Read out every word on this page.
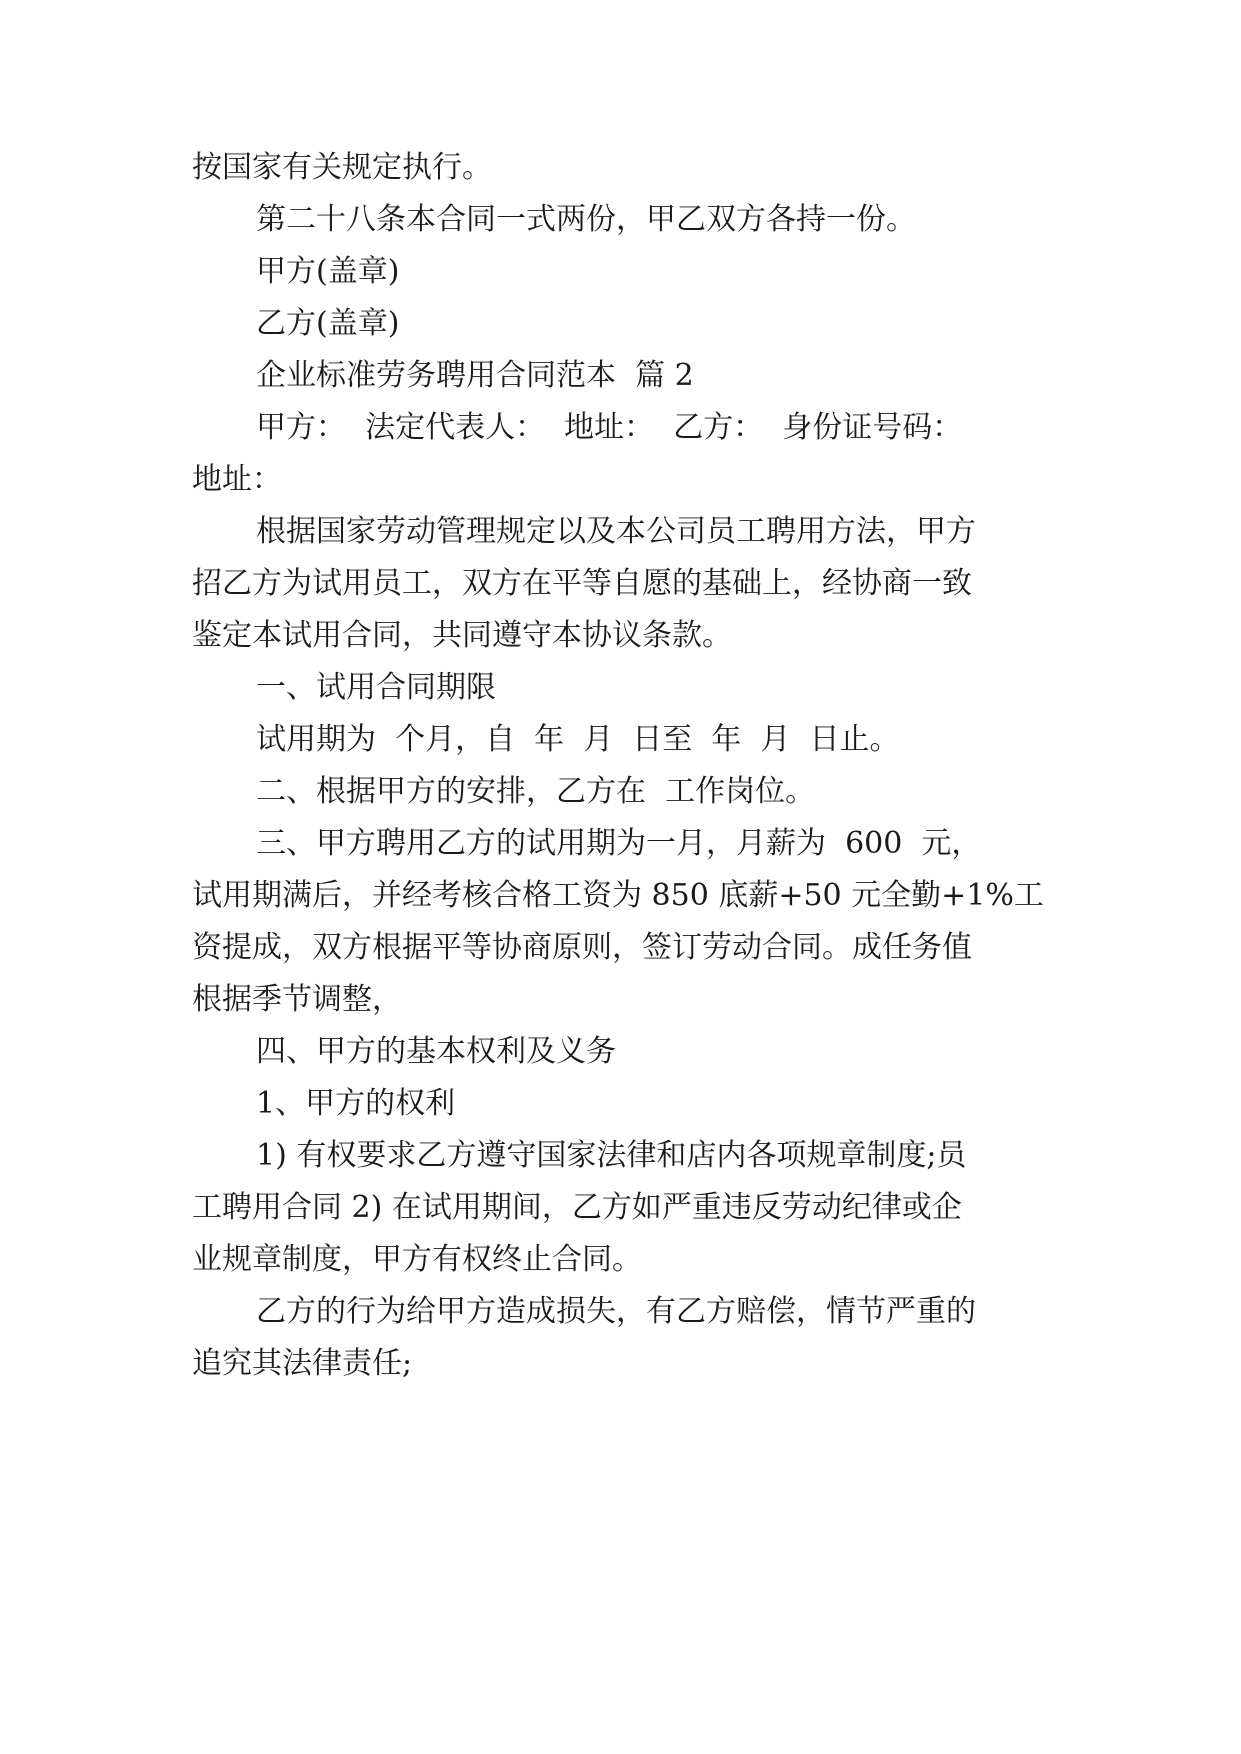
按国家有关规定执行。
第二十八条本合同一式两份，甲乙双方各持一份。
甲方(盖章)
乙方(盖章)
企业标准劳务聘用合同范本  篇 2
甲方：  法定代表人：  地址：  乙方：  身份证号码：
地址：
根据国家劳动管理规定以及本公司员工聘用方法，甲方
招乙方为试用员工，双方在平等自愿的基础上，经协商一致
鉴定本试用合同，共同遵守本协议条款。
一、试用合同期限
试用期为  个月，自  年  月  日至  年  月  日止。
二、根据甲方的安排，乙方在  工作岗位。
三、甲方聘用乙方的试用期为一月，月薪为  600  元，
试用期满后，并经考核合格工资为 850 底薪+50 元全勤+1%工
资提成，双方根据平等协商原则，签订劳动合同。成任务值
根据季节调整，
四、甲方的基本权利及义务
1、甲方的权利
1) 有权要求乙方遵守国家法律和店内各项规章制度;员
工聘用合同 2) 在试用期间，乙方如严重违反劳动纪律或企
业规章制度，甲方有权终止合同。
乙方的行为给甲方造成损失，有乙方赔偿，情节严重的
追究其法律责任;
